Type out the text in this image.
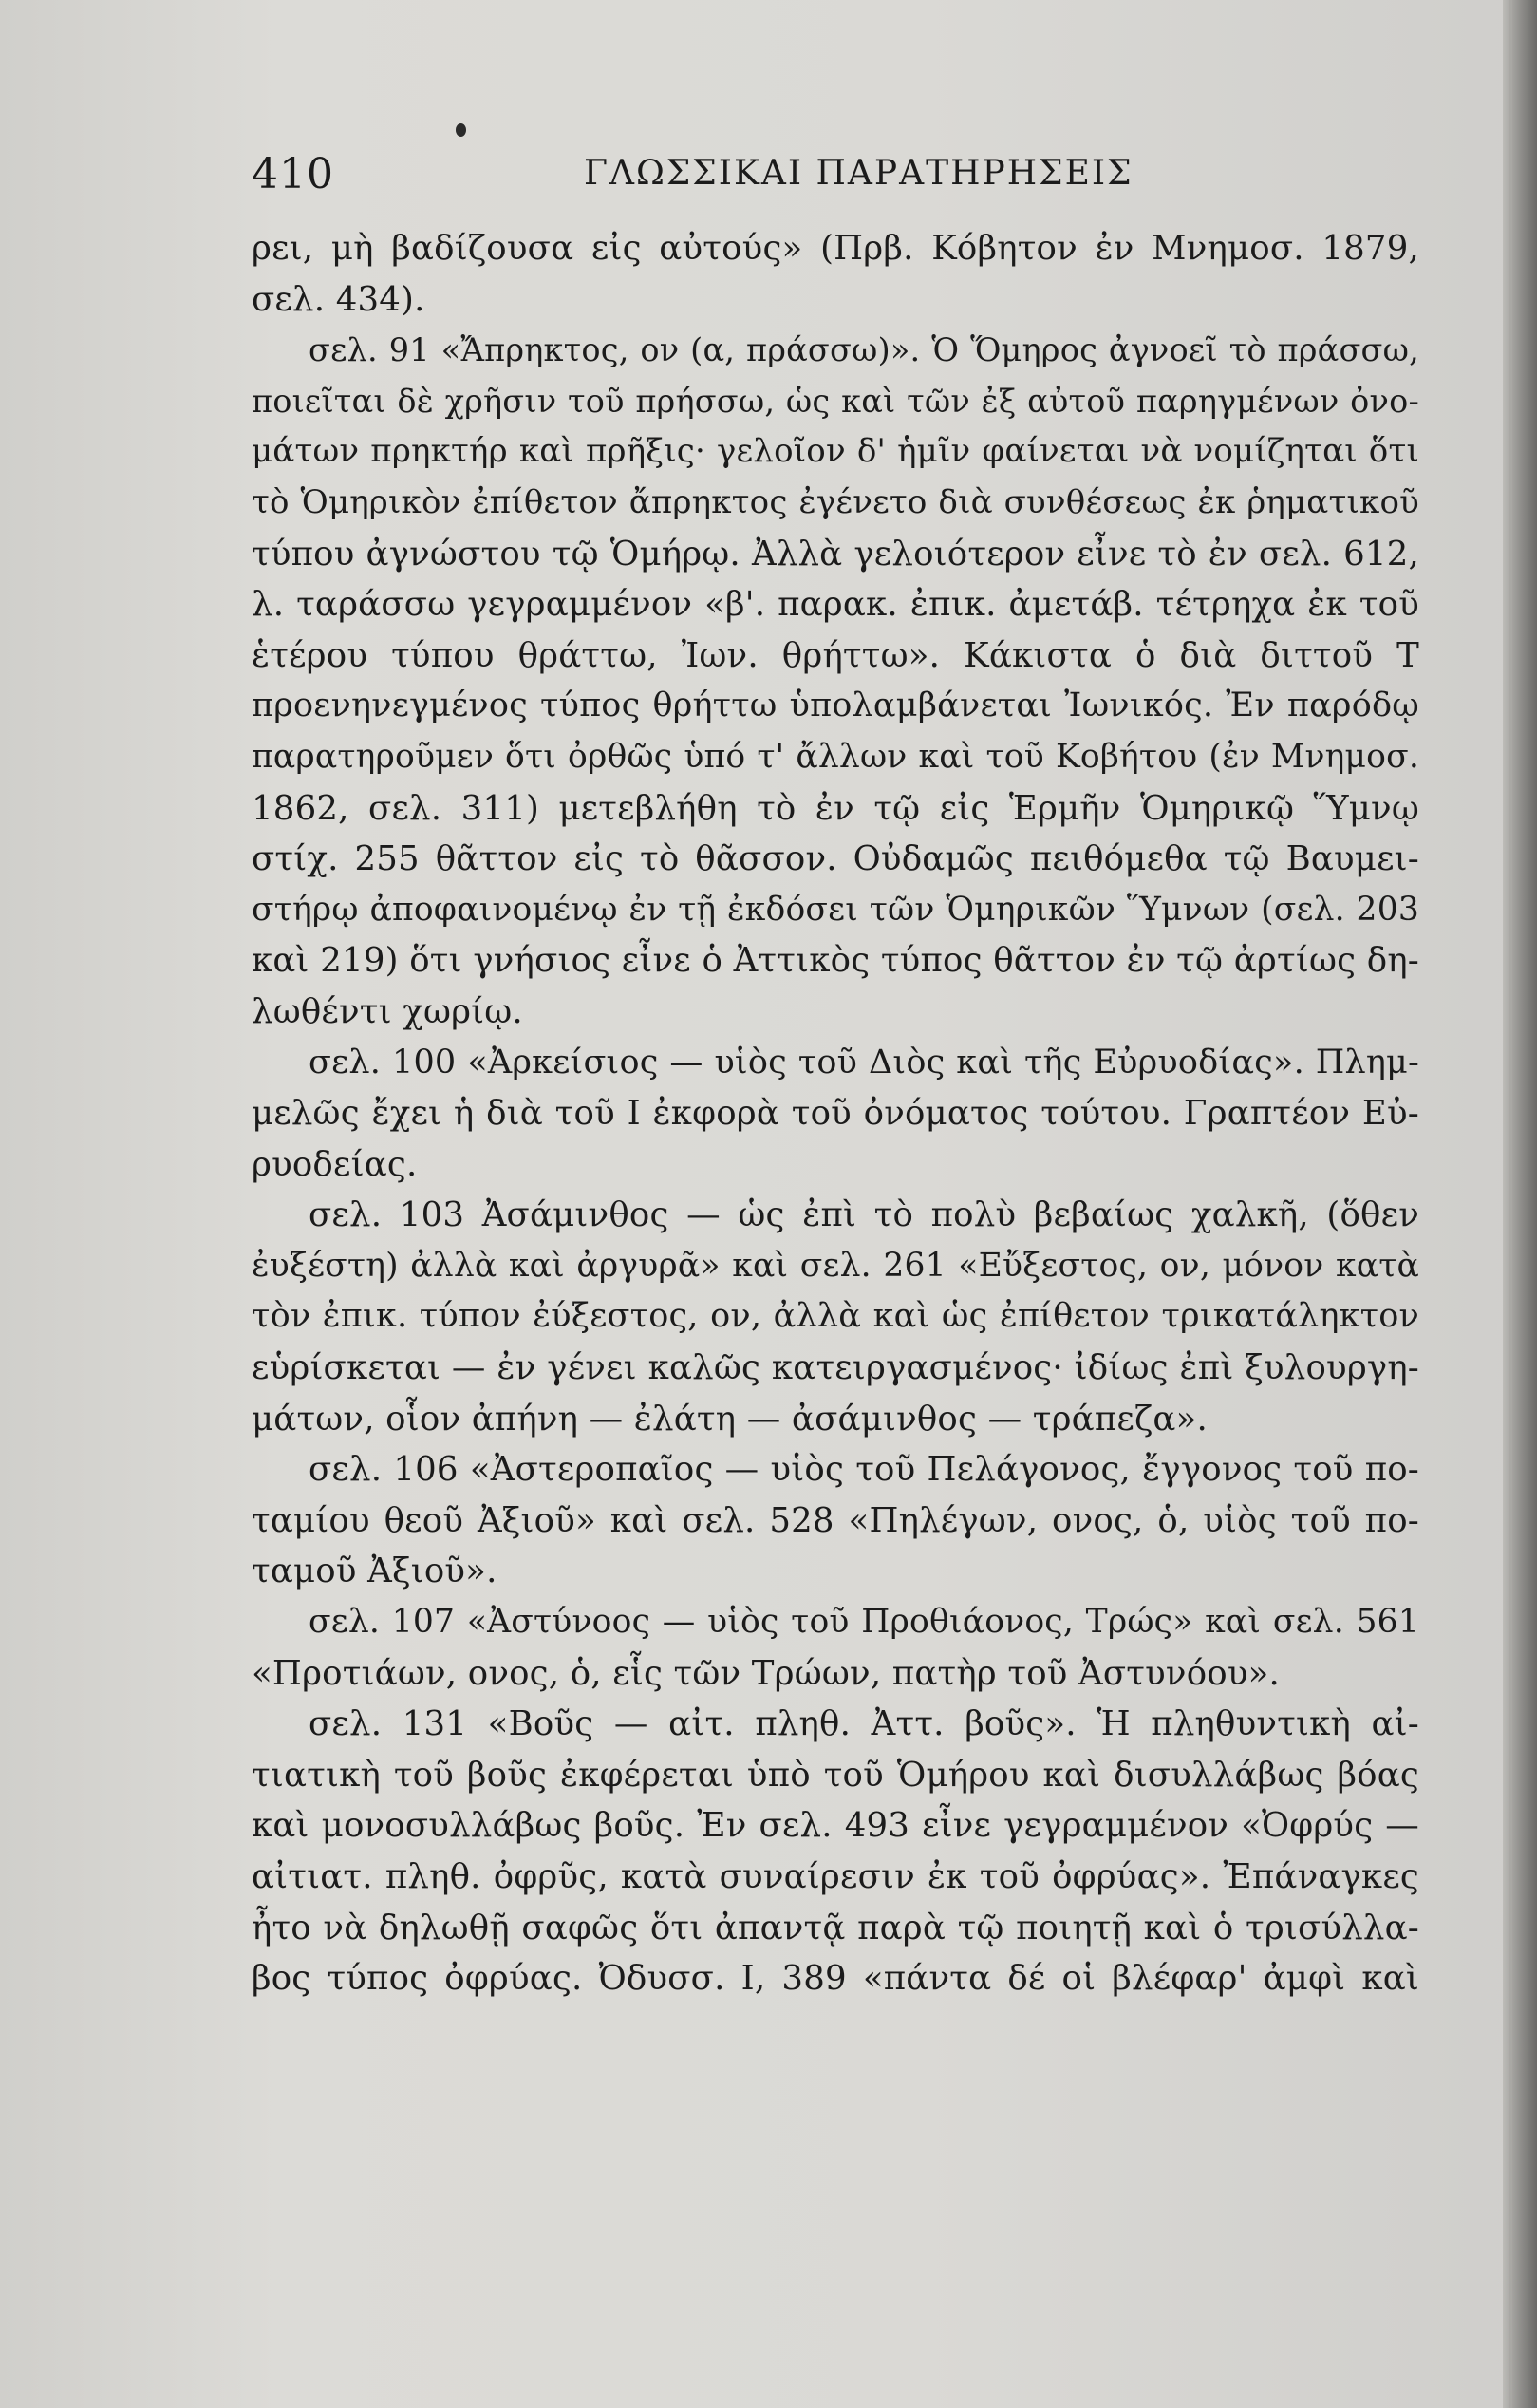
410	ΓΛΩΣΣΙΚΑΙ ΠΑΡΑΤΗΡΗΣΕΙΣ
ρει, μὴ βαδίζουσα εἰς αὐτούς» (Πρβ. Κόβητον ἐν Μνημοσ. 1879,
σελ. 434).
σελ. 91 «Ἄπρηκτος, ον (α, πράσσω)». Ὁ Ὅμηρος ἀγνοεῖ τὸ πράσσω,
ποιεῖται δὲ χρῆσιν τοῦ πρήσσω, ὡς καὶ τῶν ἐξ αὐτοῦ παρηγμένων ὀνο-
μάτων πρηκτήρ καὶ πρῆξις· γελοῖον δ' ἡμῖν φαίνεται νὰ νομίζηται ὅτι
τὸ Ὁμηρικὸν ἐπίθετον ἄπρηκτος ἐγένετο διὰ συνθέσεως ἐκ ῥηματικοῦ
τύπου ἀγνώστου τῷ Ὁμήρῳ. Ἀλλὰ γελοιότερον εἶνε τὸ ἐν σελ. 612,
λ. ταράσσω γεγραμμένον «β'. παρακ. ἐπικ. ἀμετάβ. τέτρηχα ἐκ τοῦ
ἑτέρου τύπου θράττω, Ἰων. θρήττω». Κάκιστα ὁ διὰ διττοῦ Τ
προενηνεγμένος τύπος θρήττω ὑπολαμβάνεται Ἰωνικός. Ἐν παρόδῳ
παρατηροῦμεν ὅτι ὀρθῶς ὑπό τ' ἄλλων καὶ τοῦ Κοβήτου (ἐν Μνημοσ.
1862, σελ. 311) μετεβλήθη τὸ ἐν τῷ εἰς Ἑρμῆν Ὁμηρικῷ Ὕμνῳ
στίχ. 255 θᾶττον εἰς τὸ θᾶσσον. Οὐδαμῶς πειθόμεθα τῷ Βαυμει-
στήρῳ ἀποφαινομένῳ ἐν τῇ ἐκδόσει τῶν Ὁμηρικῶν Ὕμνων (σελ. 203
καὶ 219) ὅτι γνήσιος εἶνε ὁ Ἀττικὸς τύπος θᾶττον ἐν τῷ ἀρτίως δη-
λωθέντι χωρίῳ.
σελ. 100 «Ἀρκείσιος — υἱὸς τοῦ Διὸς καὶ τῆς Εὐρυοδίας». Πλημ-
μελῶς ἔχει ἡ διὰ τοῦ Ι ἐκφορὰ τοῦ ὀνόματος τούτου. Γραπτέον Εὐ-
ρυοδείας.
σελ. 103 Ἀσάμινθος — ὡς ἐπὶ τὸ πολὺ βεβαίως χαλκῆ, (ὅθεν
ἐυξέστη) ἀλλὰ καὶ ἀργυρᾶ» καὶ σελ. 261 «Εὔξεστος, ον, μόνον κατὰ
τὸν ἐπικ. τύπον ἐύξεστος, ον, ἀλλὰ καὶ ὡς ἐπίθετον τρικατάληκτον
εὑρίσκεται — ἐν γένει καλῶς κατειργασμένος· ἰδίως ἐπὶ ξυλουργη-
μάτων, οἷον ἀπήνη — ἐλάτη — ἀσάμινθος — τράπεζα».
σελ. 106 «Ἀστεροπαῖος — υἱὸς τοῦ Πελάγονος, ἔγγονος τοῦ πο-
ταμίου θεοῦ Ἀξιοῦ» καὶ σελ. 528 «Πηλέγων, ονος, ὁ, υἱὸς τοῦ πο-
ταμοῦ Ἀξιοῦ».
σελ. 107 «Ἀστύνοος — υἱὸς τοῦ Προθιάονος, Τρώς» καὶ σελ. 561
«Προτιάων, ονος, ὁ, εἷς τῶν Τρώων, πατὴρ τοῦ Ἀστυνόου».
σελ. 131 «Βοῦς — αἰτ. πληθ. Ἀττ. βοῦς». Ἡ πληθυντικὴ αἰ-
τιατικὴ τοῦ βοῦς ἐκφέρεται ὑπὸ τοῦ Ὁμήρου καὶ δισυλλάβως βόας
καὶ μονοσυλλάβως βοῦς. Ἐν σελ. 493 εἶνε γεγραμμένον «Ὀφρύς —
αἰτιατ. πληθ. ὀφρῦς, κατὰ συναίρεσιν ἐκ τοῦ ὀφρύας». Ἐπάναγκες
ἦτο νὰ δηλωθῇ σαφῶς ὅτι ἀπαντᾷ παρὰ τῷ ποιητῇ καὶ ὁ τρισύλλα-
βος τύπος ὀφρύας. Ὀδυσσ. Ι, 389 «πάντα δέ οἱ βλέφαρ' ἀμφὶ καὶ
